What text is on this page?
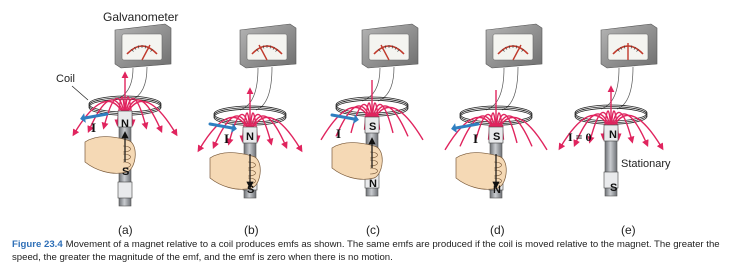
Galvanometer
Coil
Stationary
(a)	(b)	(c)	(d)	(e)
N
S
N
S
S
N
S
N
N
S
I
I	I	I	I = 0
Figure 23.4 Movement of a magnet relative to a coil produces emfs as shown. The same emfs are produced if the coil is moved relative to the magnet. The greater the speed, the greater the magnitude of the emf, and the emf is zero when there is no motion.
